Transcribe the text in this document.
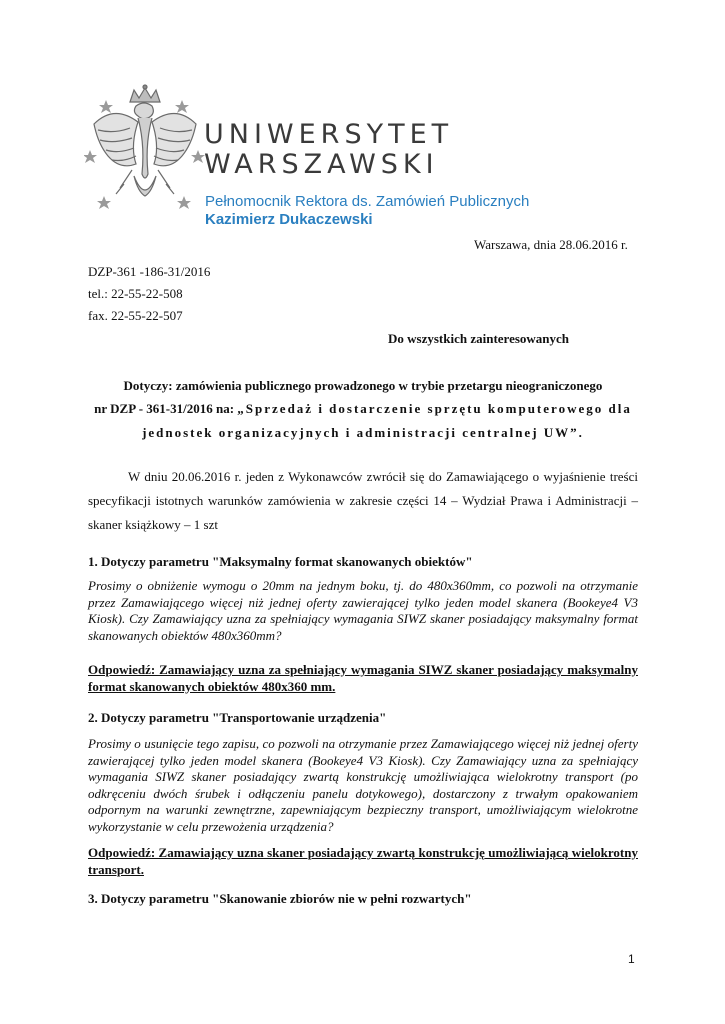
UNIWERSYTET
WARSZAWSKI
Pełnomocnik Rektora ds. Zamówień Publicznych
Kazimierz Dukaczewski
Warszawa, dnia 28.06.2016 r.
DZP-361 -186-31/2016
tel.: 22-55-22-508
fax. 22-55-22-507
Do wszystkich zainteresowanych
Dotyczy: zamówienia publicznego prowadzonego w trybie przetargu nieograniczonego
nr DZP - 361-31/2016 na: „Sprzedaż i dostarczenie sprzętu komputerowego dla
jednostek organizacyjnych i administracji centralnej UW”.
W dniu 20.06.2016 r. jeden z Wykonawców zwrócił się do Zamawiającego o wyjaśnienie treści specyfikacji istotnych warunków zamówienia w zakresie części 14 – Wydział Prawa i Administracji – skaner książkowy – 1 szt
1. Dotyczy parametru "Maksymalny format skanowanych obiektów"
Prosimy o obniżenie wymogu o 20mm na jednym boku, tj. do 480x360mm, co pozwoli na otrzymanie przez Zamawiającego więcej niż jednej oferty zawierającej tylko jeden model skanera (Bookeye4 V3 Kiosk). Czy Zamawiający uzna za spełniający wymagania SIWZ skaner posiadający maksymalny format skanowanych obiektów 480x360mm?
Odpowiedź: Zamawiający uzna za spełniający wymagania SIWZ skaner posiadający maksymalny format skanowanych obiektów 480x360 mm.
2. Dotyczy parametru "Transportowanie urządzenia"
Prosimy o usunięcie tego zapisu, co pozwoli na otrzymanie przez Zamawiającego więcej niż jednej oferty zawierającej tylko jeden model skanera (Bookeye4 V3 Kiosk). Czy Zamawiający uzna za spełniający wymagania SIWZ skaner posiadający zwartą konstrukcję umożliwiająca wielokrotny transport (po odkręceniu dwóch śrubek i odłączeniu panelu dotykowego), dostarczony z trwałym opakowaniem odpornym na warunki zewnętrzne, zapewniającym bezpieczny transport, umożliwiającym wielokrotne wykorzystanie w celu przewożenia urządzenia?
Odpowiedź: Zamawiający uzna skaner posiadający zwartą konstrukcję umożliwiającą wielokrotny transport.
3. Dotyczy parametru "Skanowanie zbiorów nie w pełni rozwartych"
1
